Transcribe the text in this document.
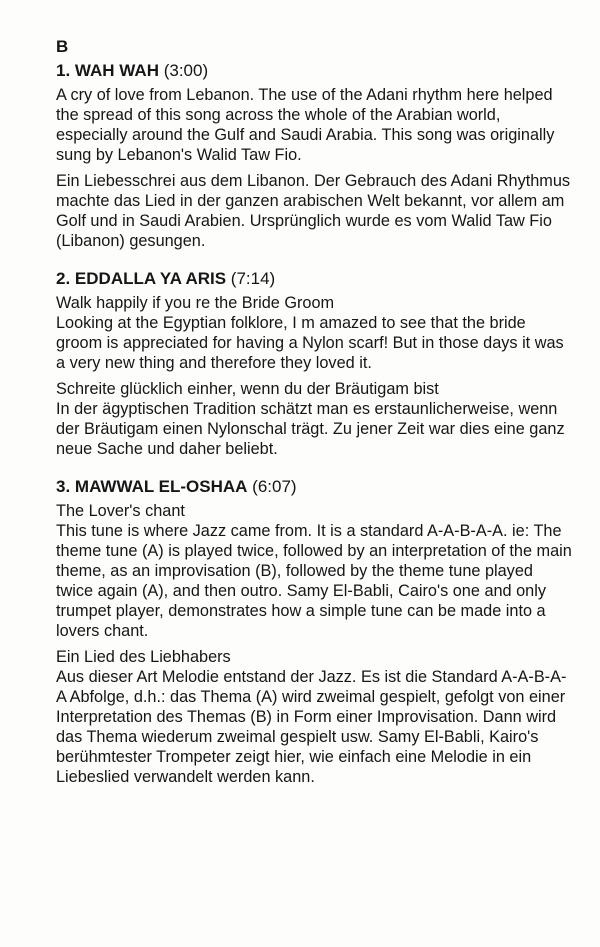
B
1. WAH WAH (3:00)

A cry of love from Lebanon. The use of the Adani rhythm here helped the spread of this song across the whole of the Arabian world, especially around the Gulf and Saudi Arabia. This song was originally sung by Lebanon's Walid Taw Fio.

Ein Liebesschrei aus dem Libanon. Der Gebrauch des Adani Rhythmus machte das Lied in der ganzen arabischen Welt bekannt, vor allem am Golf und in Saudi Arabien. Ursprünglich wurde es vom Walid Taw Fio (Libanon) gesungen.

2. EDDALLA YA ARIS (7:14)

Walk happily if you re the Bride Groom

Looking at the Egyptian folklore, I m amazed to see that the bride groom is appreciated for having a Nylon scarf! But in those days it was a very new thing and therefore they loved it.

Schreite glücklich einher, wenn du der Bräutigam bist

In der ägyptischen Tradition schätzt man es erstaunlicherweise, wenn der Bräutigam einen Nylonschal trägt. Zu jener Zeit war dies eine ganz neue Sache und daher beliebt.

3. MAWWAL EL-OSHAA (6:07)

The Lover's chant

This tune is where Jazz came from. It is a standard A-A-B-A-A. ie: The theme tune (A) is played twice, followed by an interpretation of the main theme, as an improvisation (B), followed by the theme tune played twice again (A), and then outro. Samy El-Babli, Cairo's one and only trumpet player, demonstrates how a simple tune can be made into a lovers chant.

Ein Lied des Liebhabers

Aus dieser Art Melodie entstand der Jazz. Es ist die Standard A-A-B-A-A Abfolge, d.h.: das Thema (A) wird zweimal gespielt, gefolgt von einer Interpretation des Themas (B) in Form einer Improvisation. Dann wird das Thema wiederum zweimal gespielt usw. Samy El-Babli, Kairo's berühmtester Trompeter zeigt hier, wie einfach eine Melodie in ein Liebeslied verwandelt werden kann.
